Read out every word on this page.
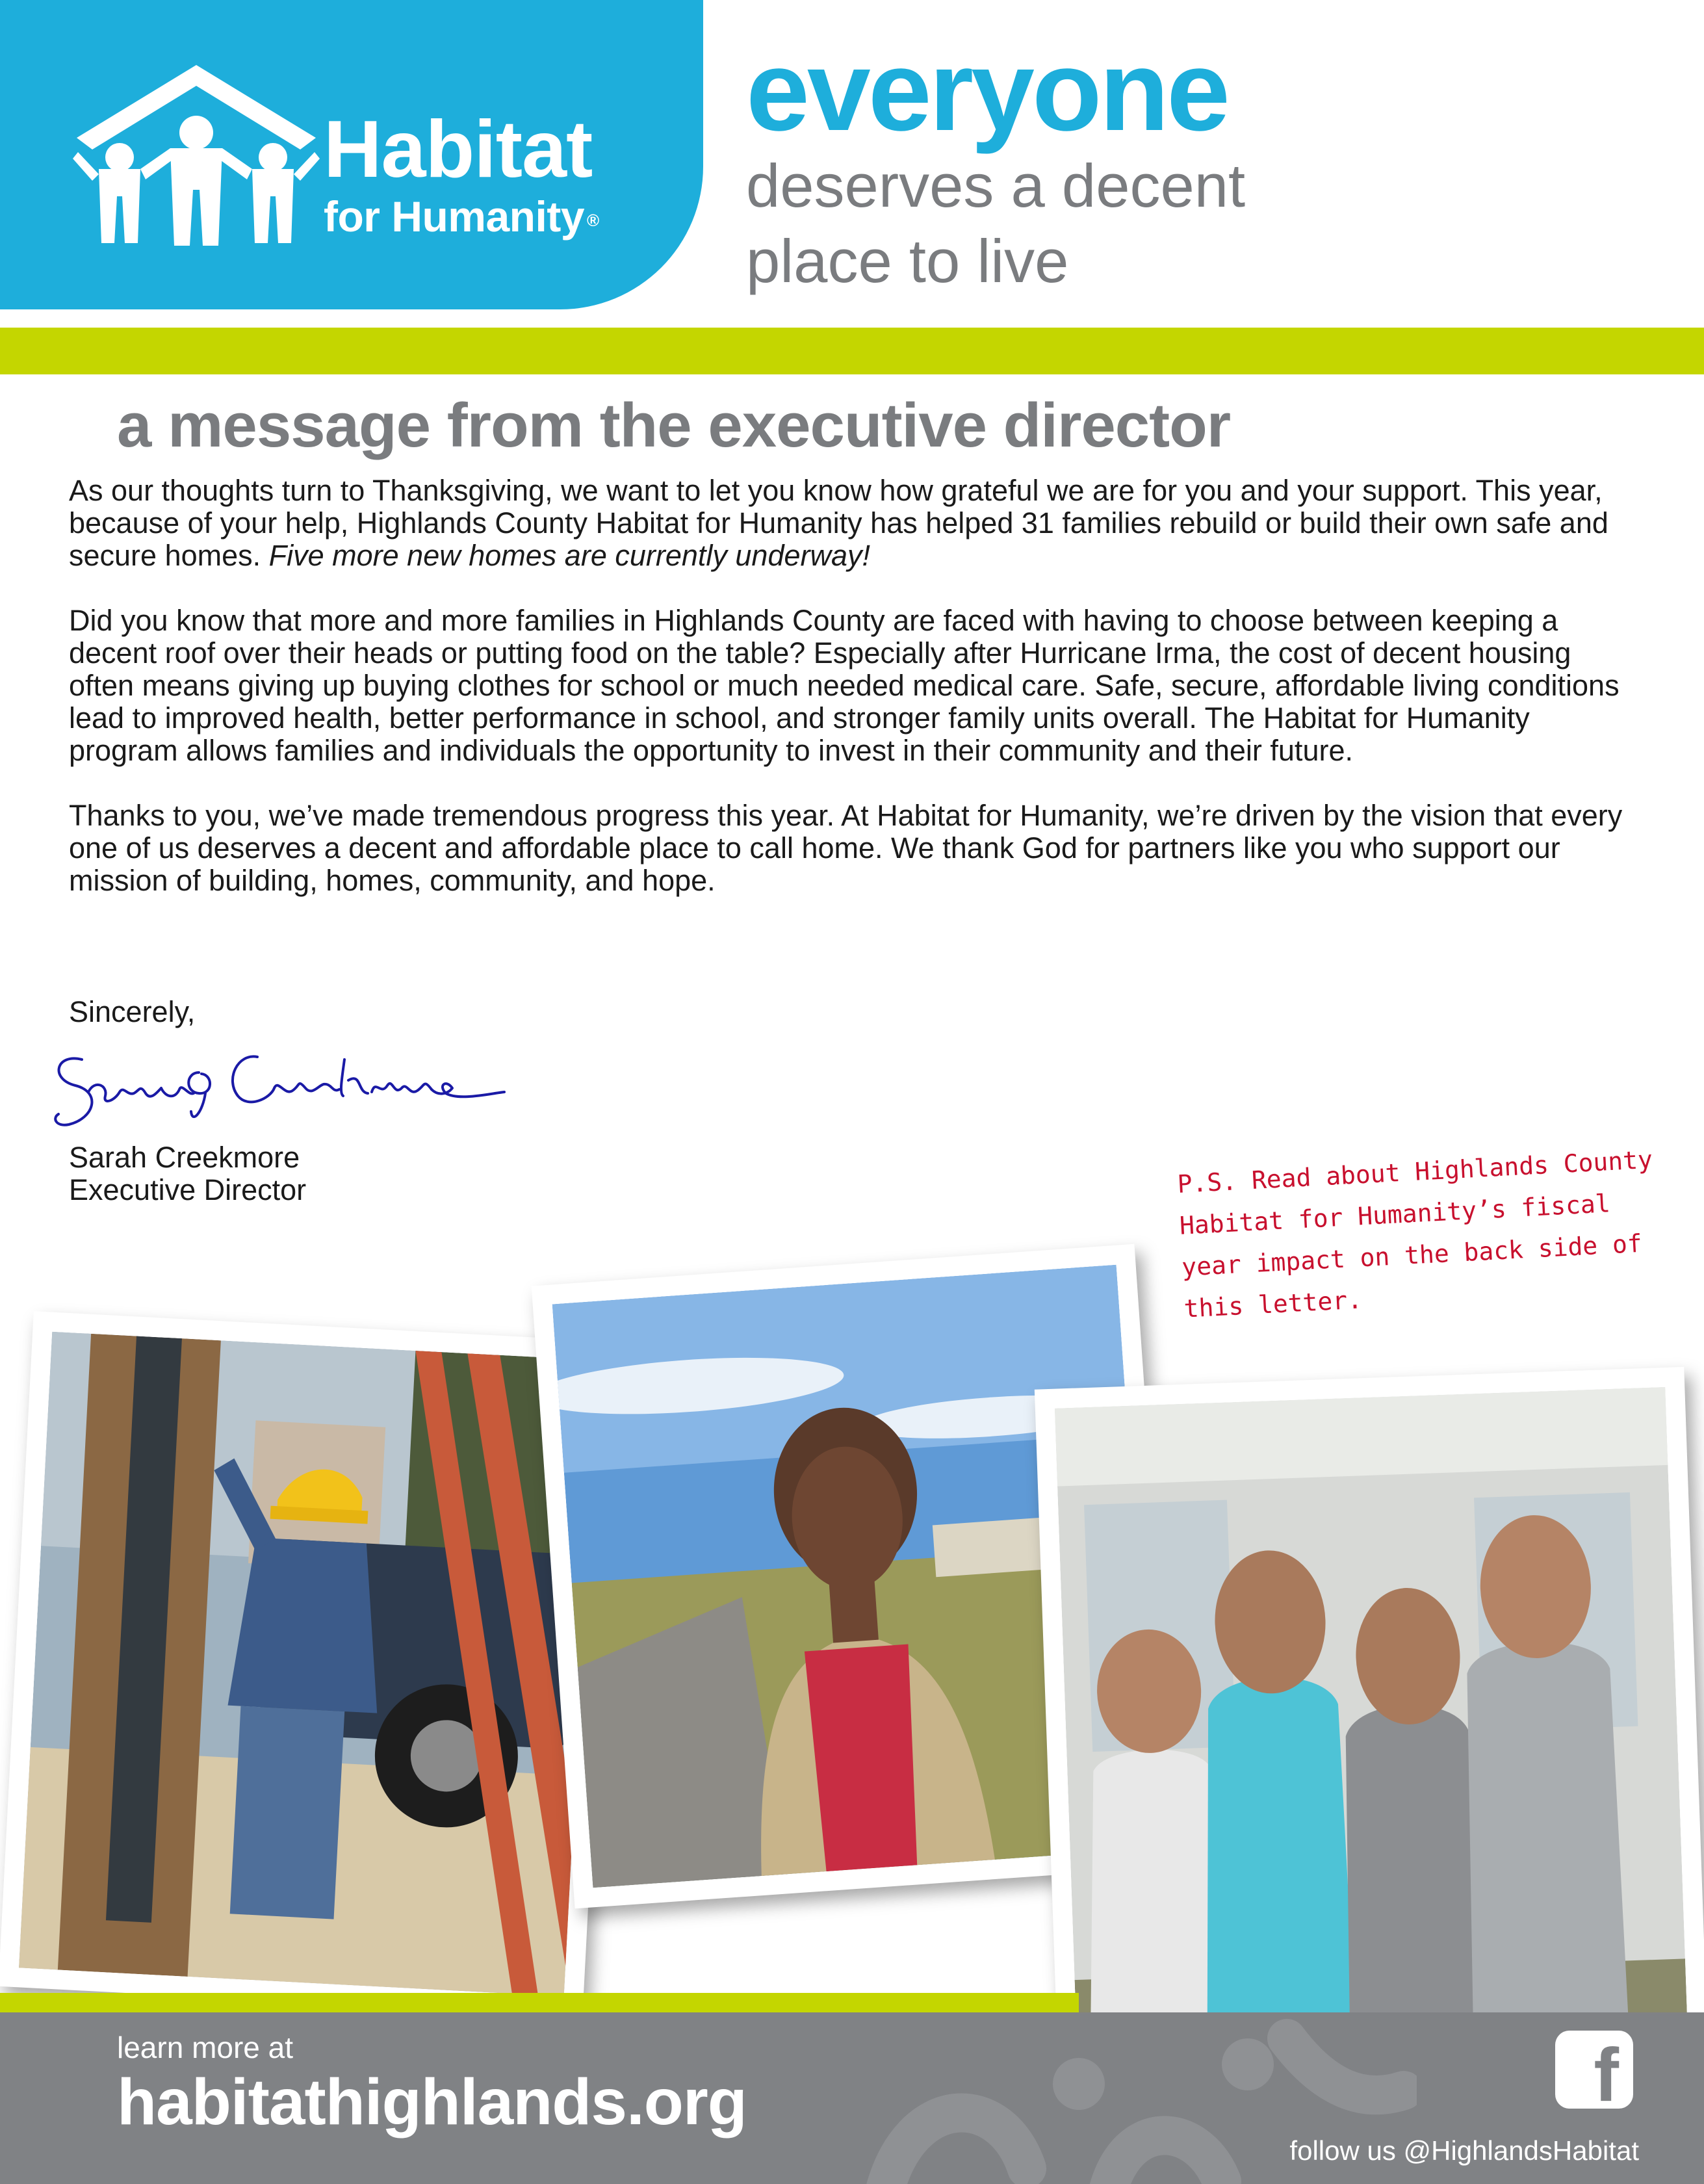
Habitat
for Humanity ®
everyone
deserves a decent
place to live
a message from the executive director

As our thoughts turn to Thanksgiving, we want to let you know how grateful we are for you and your support. This year, because of your help, Highlands County Habitat for Humanity has helped 31 families rebuild or build their own safe and secure homes. Five more new homes are currently underway!

Did you know that more and more families in Highlands County are faced with having to choose between keeping a decent roof over their heads or putting food on the table? Especially after Hurricane Irma, the cost of decent housing often means giving up buying clothes for school or much needed medical care. Safe, secure, affordable living conditions lead to improved health, better performance in school, and stronger family units overall. The Habitat for Humanity program allows families and individuals the opportunity to invest in their community and their future.

Thanks to you, we’ve made tremendous progress this year. At Habitat for Humanity, we’re driven by the vision that every one of us deserves a decent and affordable place to call home. We thank God for partners like you who support our mission of building, homes, community, and hope.

Sincerely,
Sarah Creekmore
Executive Director	P.S. Read about Highlands County Habitat for Humanity’s fiscal year impact on the back side of this letter.
learn more at
habitathighlands.org	f
follow us @HighlandsHabitat
